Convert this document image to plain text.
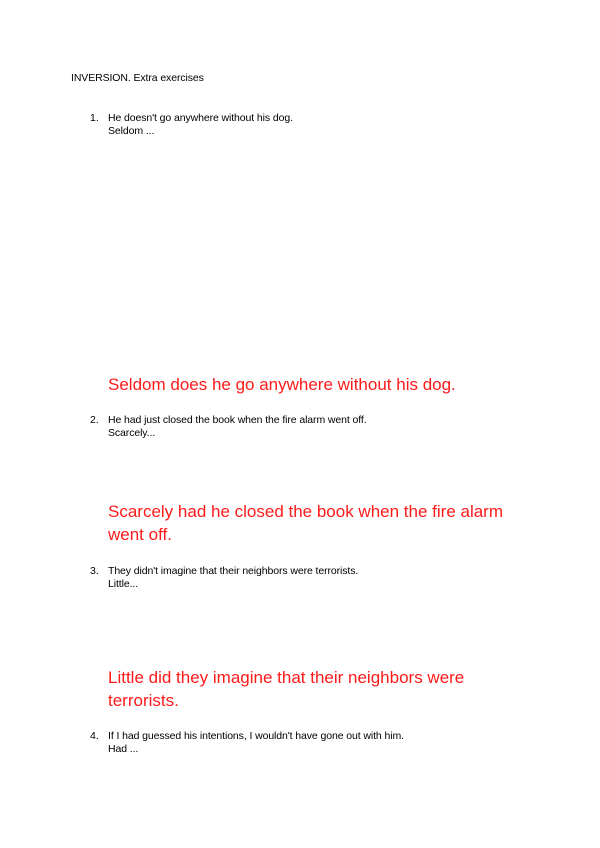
INVERSION. Extra exercises
1. He doesn't go anywhere without his dog.
Seldom ...
Seldom does he go anywhere without his dog.
2. He had just closed the book when the fire alarm went off.
Scarcely...
Scarcely had he closed the book when the fire alarm went off.
3. They didn't imagine that their neighbors were terrorists.
Little...
Little did they imagine that their neighbors were terrorists.
4. If I had guessed his intentions, I wouldn't have gone out with him.
Had ...
